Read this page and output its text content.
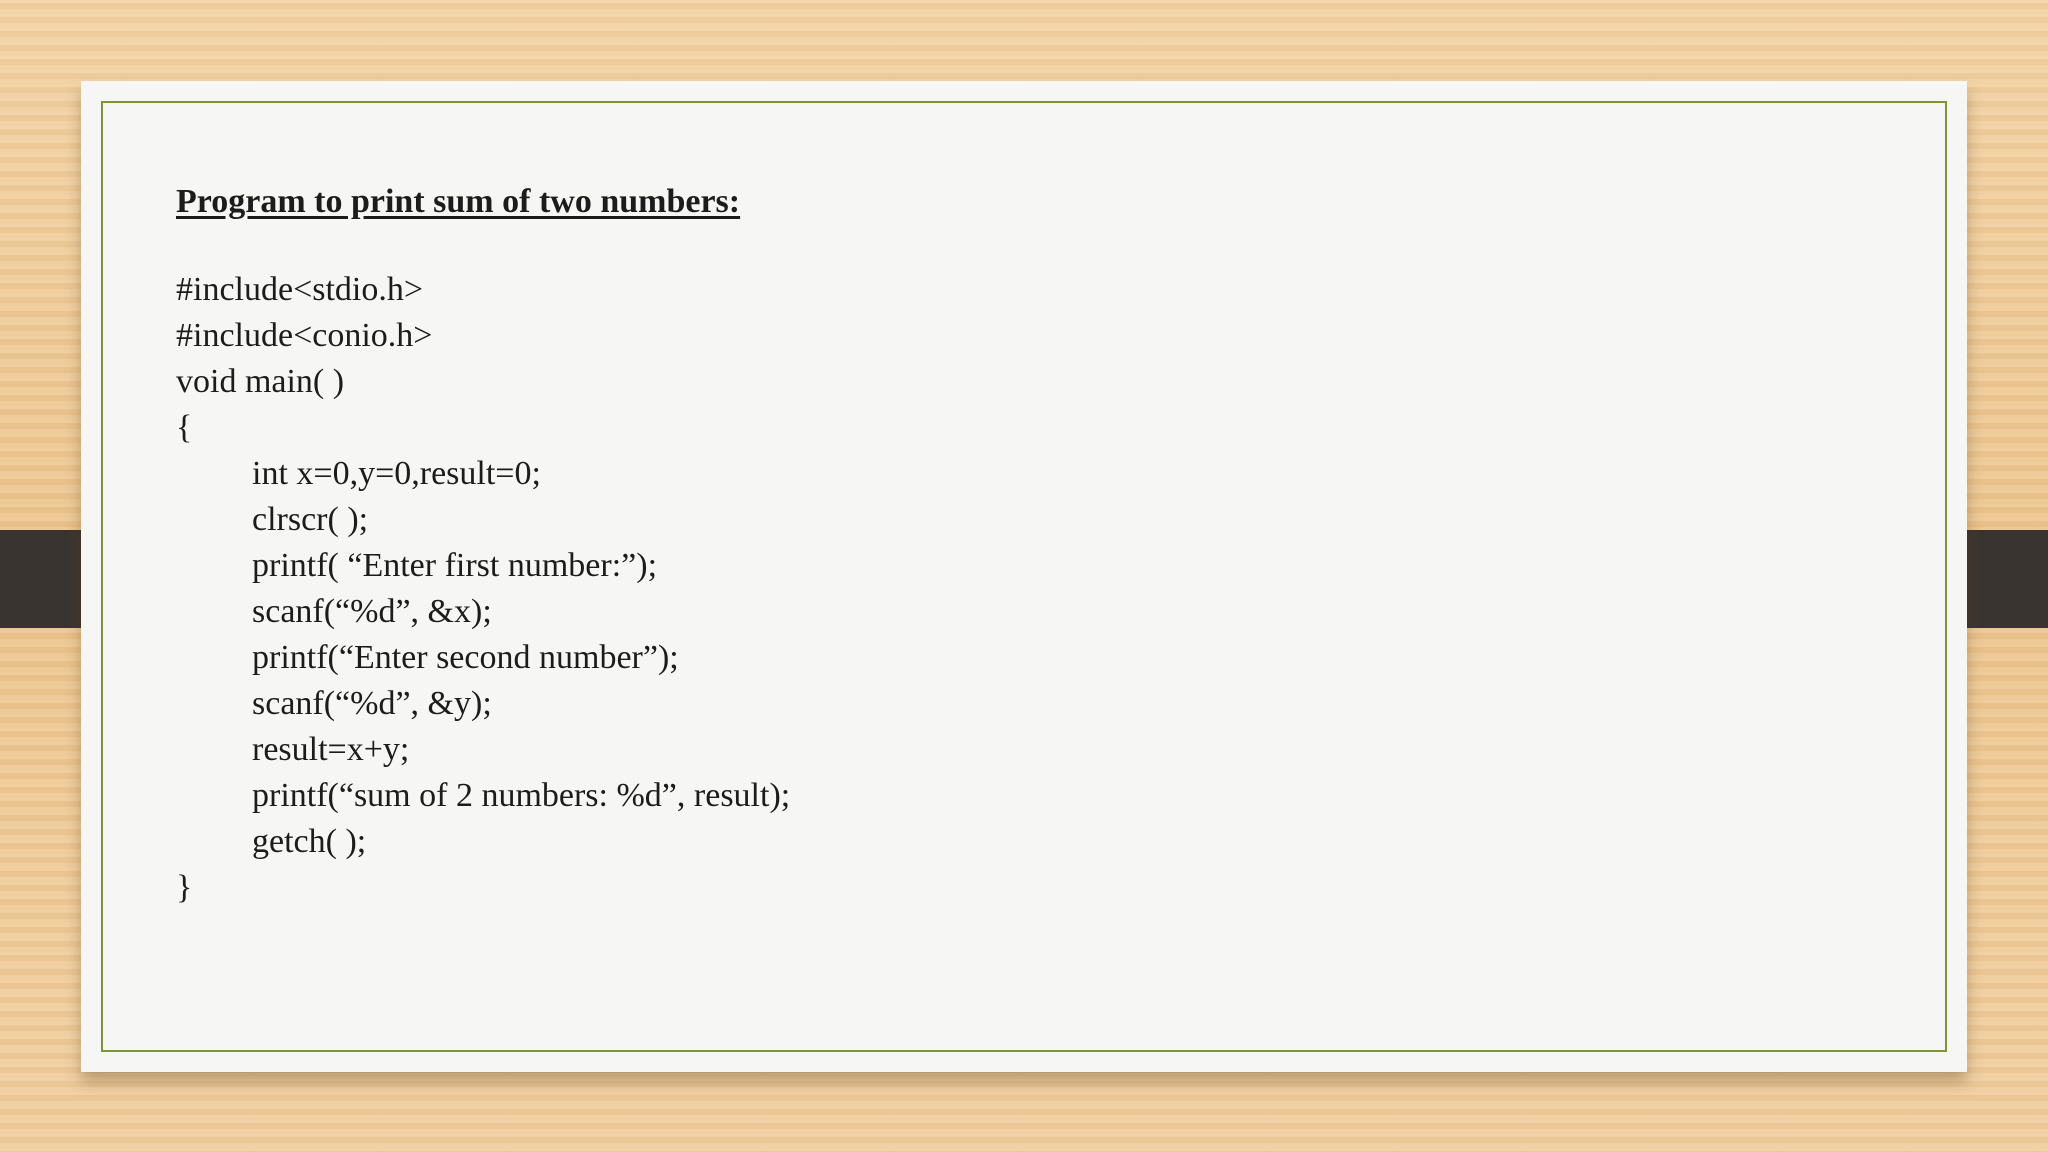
Program to print sum of two numbers:
#include<stdio.h>
#include<conio.h>
void main( )
{
int x=0,y=0,result=0;
clrscr( );
printf( “Enter first number:”);
scanf(“%d”, &x);
printf(“Enter second number”);
scanf(“%d”, &y);
result=x+y;
printf(“sum of 2 numbers: %d”, result);
getch( );
}
